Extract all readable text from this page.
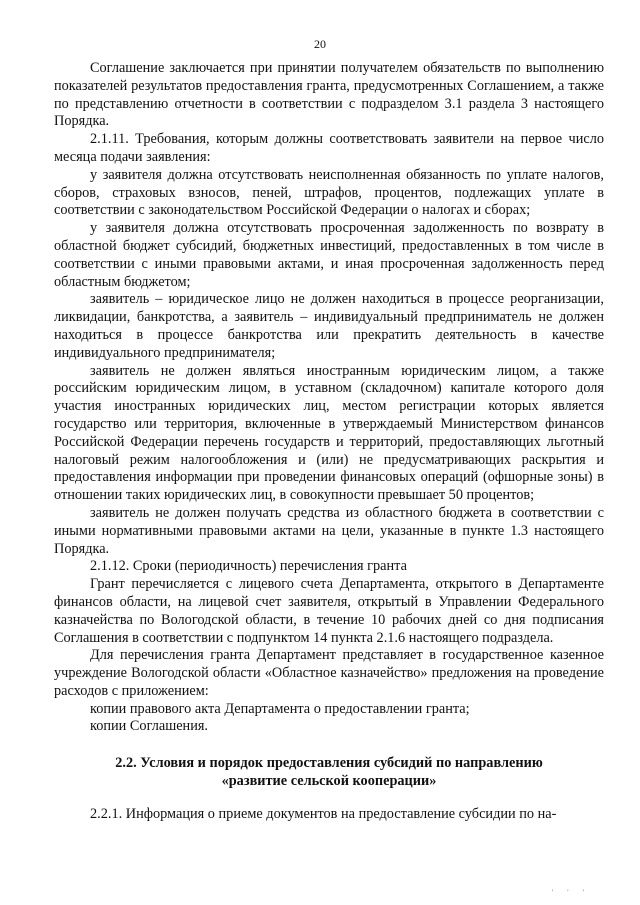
20

Соглашение заключается при принятии получателем обязательств по выполнению показателей результатов предоставления гранта, предусмотренных Соглашением, а также по представлению отчетности в соответствии с подразделом 3.1 раздела 3 настоящего Порядка.

2.1.11. Требования, которым должны соответствовать заявители на первое число месяца подачи заявления:

у заявителя должна отсутствовать неисполненная обязанность по уплате налогов, сборов, страховых взносов, пеней, штрафов, процентов, подлежащих уплате в соответствии с законодательством Российской Федерации о налогах и сборах;

у заявителя должна отсутствовать просроченная задолженность по возврату в областной бюджет субсидий, бюджетных инвестиций, предоставленных в том числе в соответствии с иными правовыми актами, и иная просроченная задолженность перед областным бюджетом;

заявитель – юридическое лицо не должен находиться в процессе реорганизации, ликвидации, банкротства, а заявитель – индивидуальный предприниматель не должен находиться в процессе банкротства или прекратить деятельность в качестве индивидуального предпринимателя;

заявитель не должен являться иностранным юридическим лицом, а также российским юридическим лицом, в уставном (складочном) капитале которого доля участия иностранных юридических лиц, местом регистрации которых является государство или территория, включенные в утверждаемый Министерством финансов Российской Федерации перечень государств и территорий, предоставляющих льготный налоговый режим налогообложения и (или) не предусматривающих раскрытия и предоставления информации при проведении финансовых операций (офшорные зоны) в отношении таких юридических лиц, в совокупности превышает 50 процентов;

заявитель не должен получать средства из областного бюджета в соответствии с иными нормативными правовыми актами на цели, указанные в пункте 1.3 настоящего Порядка.

2.1.12. Сроки (периодичность) перечисления гранта

Грант перечисляется с лицевого счета Департамента, открытого в Департаменте финансов области, на лицевой счет заявителя, открытый в Управлении Федерального казначейства по Вологодской области, в течение 10 рабочих дней со дня подписания Соглашения в соответствии с подпунктом 14 пункта 2.1.6 настоящего подраздела.

Для перечисления гранта Департамент представляет в государственное казенное учреждение Вологодской области «Областное казначейство» предложения на проведение расходов с приложением:

копии правового акта Департамента о предоставлении гранта;

копии Соглашения.

2.2. Условия и порядок предоставления субсидий по направлению
«развитие сельской кооперации»

2.2.1. Информация о приеме документов на предоставление субсидии по на-

' ' '
